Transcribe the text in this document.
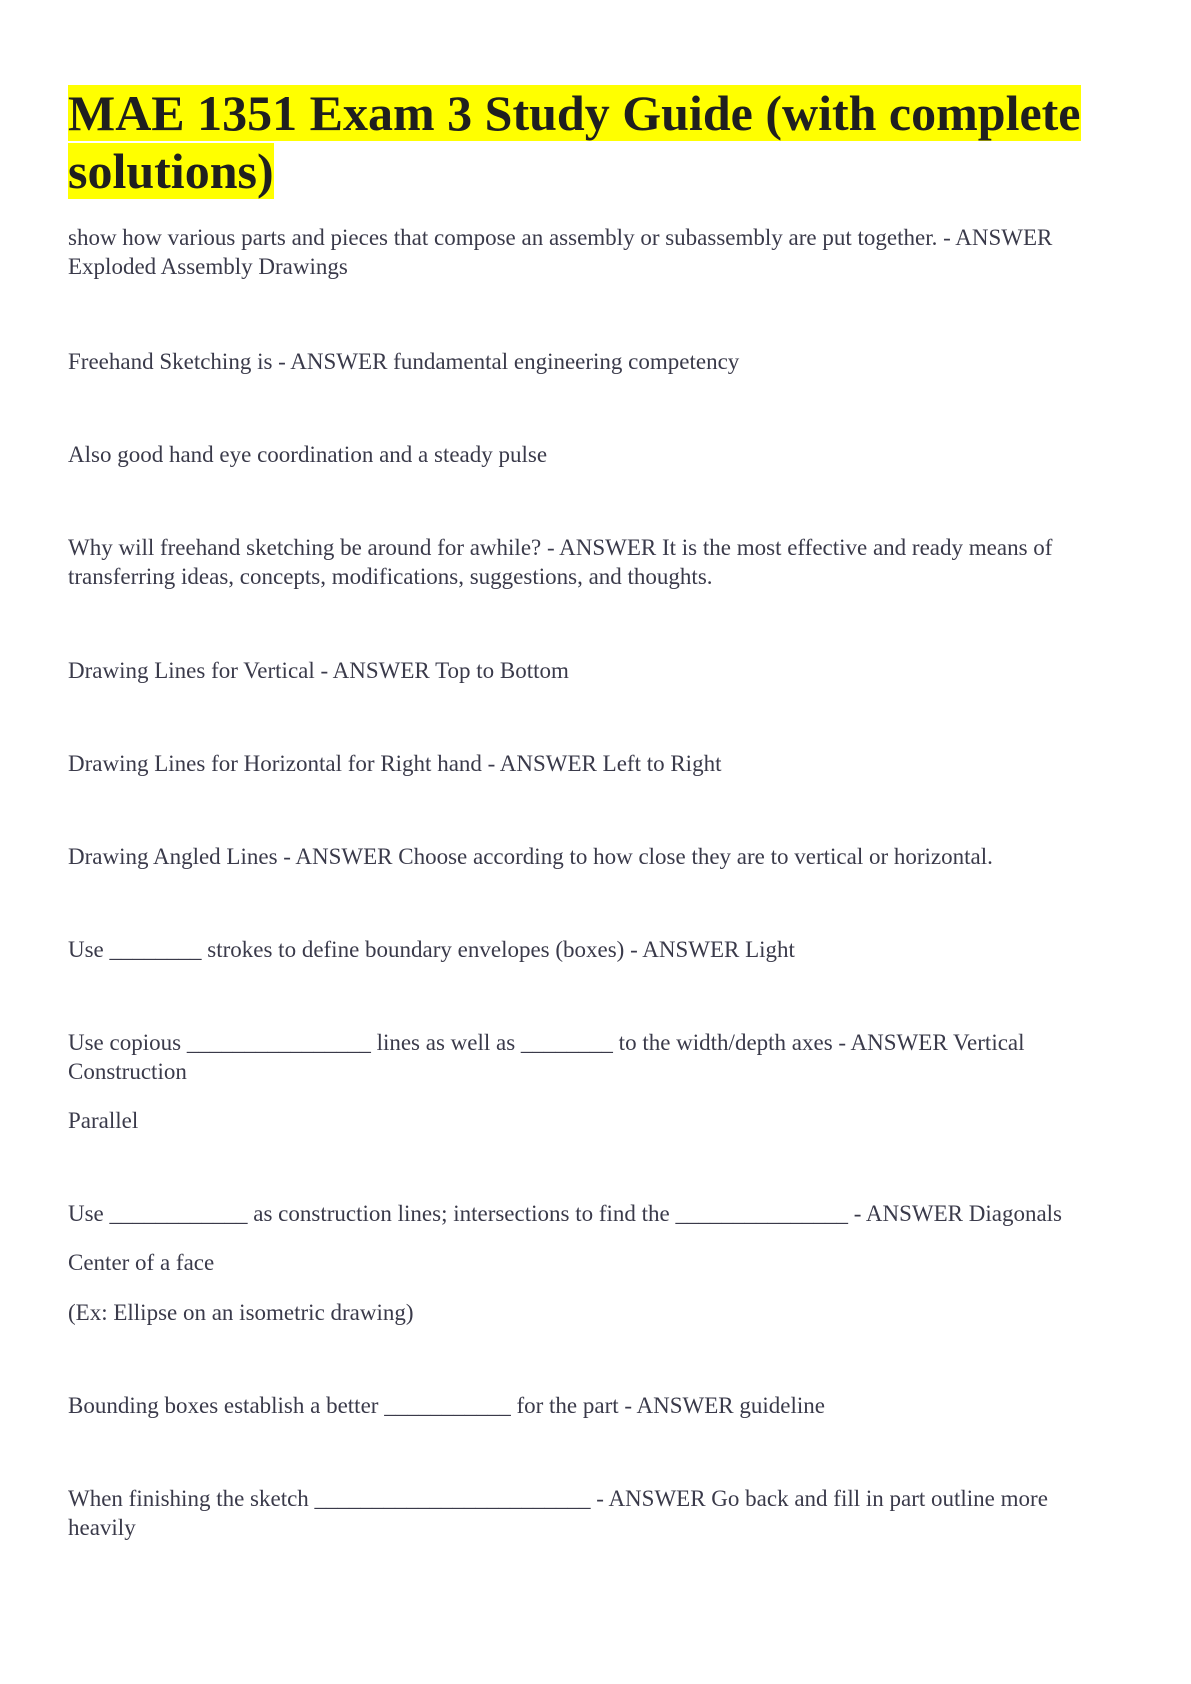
MAE 1351 Exam 3 Study Guide (with complete solutions)

show how various parts and pieces that compose an assembly or subassembly are put together. - ANSWER Exploded Assembly Drawings

Freehand Sketching is - ANSWER fundamental engineering competency

Also good hand eye coordination and a steady pulse

Why will freehand sketching be around for awhile? - ANSWER It is the most effective and ready means of transferring ideas, concepts, modifications, suggestions, and thoughts.

Drawing Lines for Vertical - ANSWER Top to Bottom

Drawing Lines for Horizontal for Right hand - ANSWER Left to Right

Drawing Angled Lines - ANSWER Choose according to how close they are to vertical or horizontal.

Use ________ strokes to define boundary envelopes (boxes) - ANSWER Light

Use copious ________________ lines as well as ________ to the width/depth axes - ANSWER Vertical Construction

Parallel

Use ____________ as construction lines; intersections to find the _______________ - ANSWER Diagonals

Center of a face

(Ex: Ellipse on an isometric drawing)

Bounding boxes establish a better ___________ for the part - ANSWER guideline

When finishing the sketch ________________________ - ANSWER Go back and fill in part outline more heavily
